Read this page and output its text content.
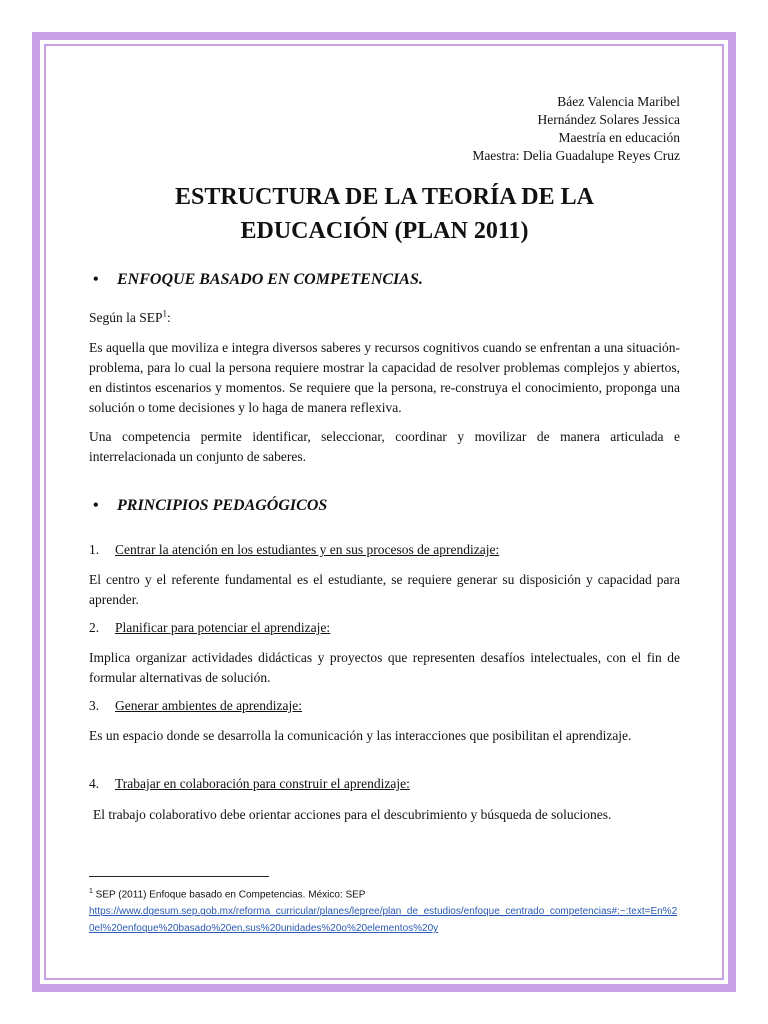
Báez Valencia Maribel
Hernández Solares Jessica
Maestría en educación
Maestra: Delia Guadalupe Reyes Cruz
ESTRUCTURA DE LA TEORÍA DE LA
EDUCACIÓN (PLAN 2011)
• ENFOQUE BASADO EN COMPETENCIAS.
Según la SEP$^1$:
Es aquella que moviliza e integra diversos saberes y recursos cognitivos cuando se enfrentan a una situación-problema, para lo cual la persona requiere mostrar la capacidad de resolver problemas complejos y abiertos, en distintos escenarios y momentos. Se requiere que la persona, re-construya el conocimiento, proponga una solución o tome decisiones y lo haga de manera reflexiva.
Una competencia permite identificar, seleccionar, coordinar y movilizar de manera articulada e interrelacionada un conjunto de saberes.
• PRINCIPIOS PEDAGÓGICOS
1. Centrar la atención en los estudiantes y en sus procesos de aprendizaje:
El centro y el referente fundamental es el estudiante, se requiere generar su disposición y capacidad para aprender.
2. Planificar para potenciar el aprendizaje:
Implica organizar actividades didácticas y proyectos que representen desafíos intelectuales, con el fin de formular alternativas de solución.
3. Generar ambientes de aprendizaje:
Es un espacio donde se desarrolla la comunicación y las interacciones que posibilitan el aprendizaje.
4. Trabajar en colaboración para construir el aprendizaje:
El trabajo colaborativo debe orientar acciones para el descubrimiento y búsqueda de soluciones.
$^1$ SEP (2011) Enfoque basado en Competencias. México: SEP
https://www.dgesum.sep.gob.mx/reforma_curricular/planes/lepree/plan_de_estudios/enfoque_centrado_competencias#:~:text=En%20el%20enfoque%20basado%20en,sus%20unidades%20o%20elementos%20y
